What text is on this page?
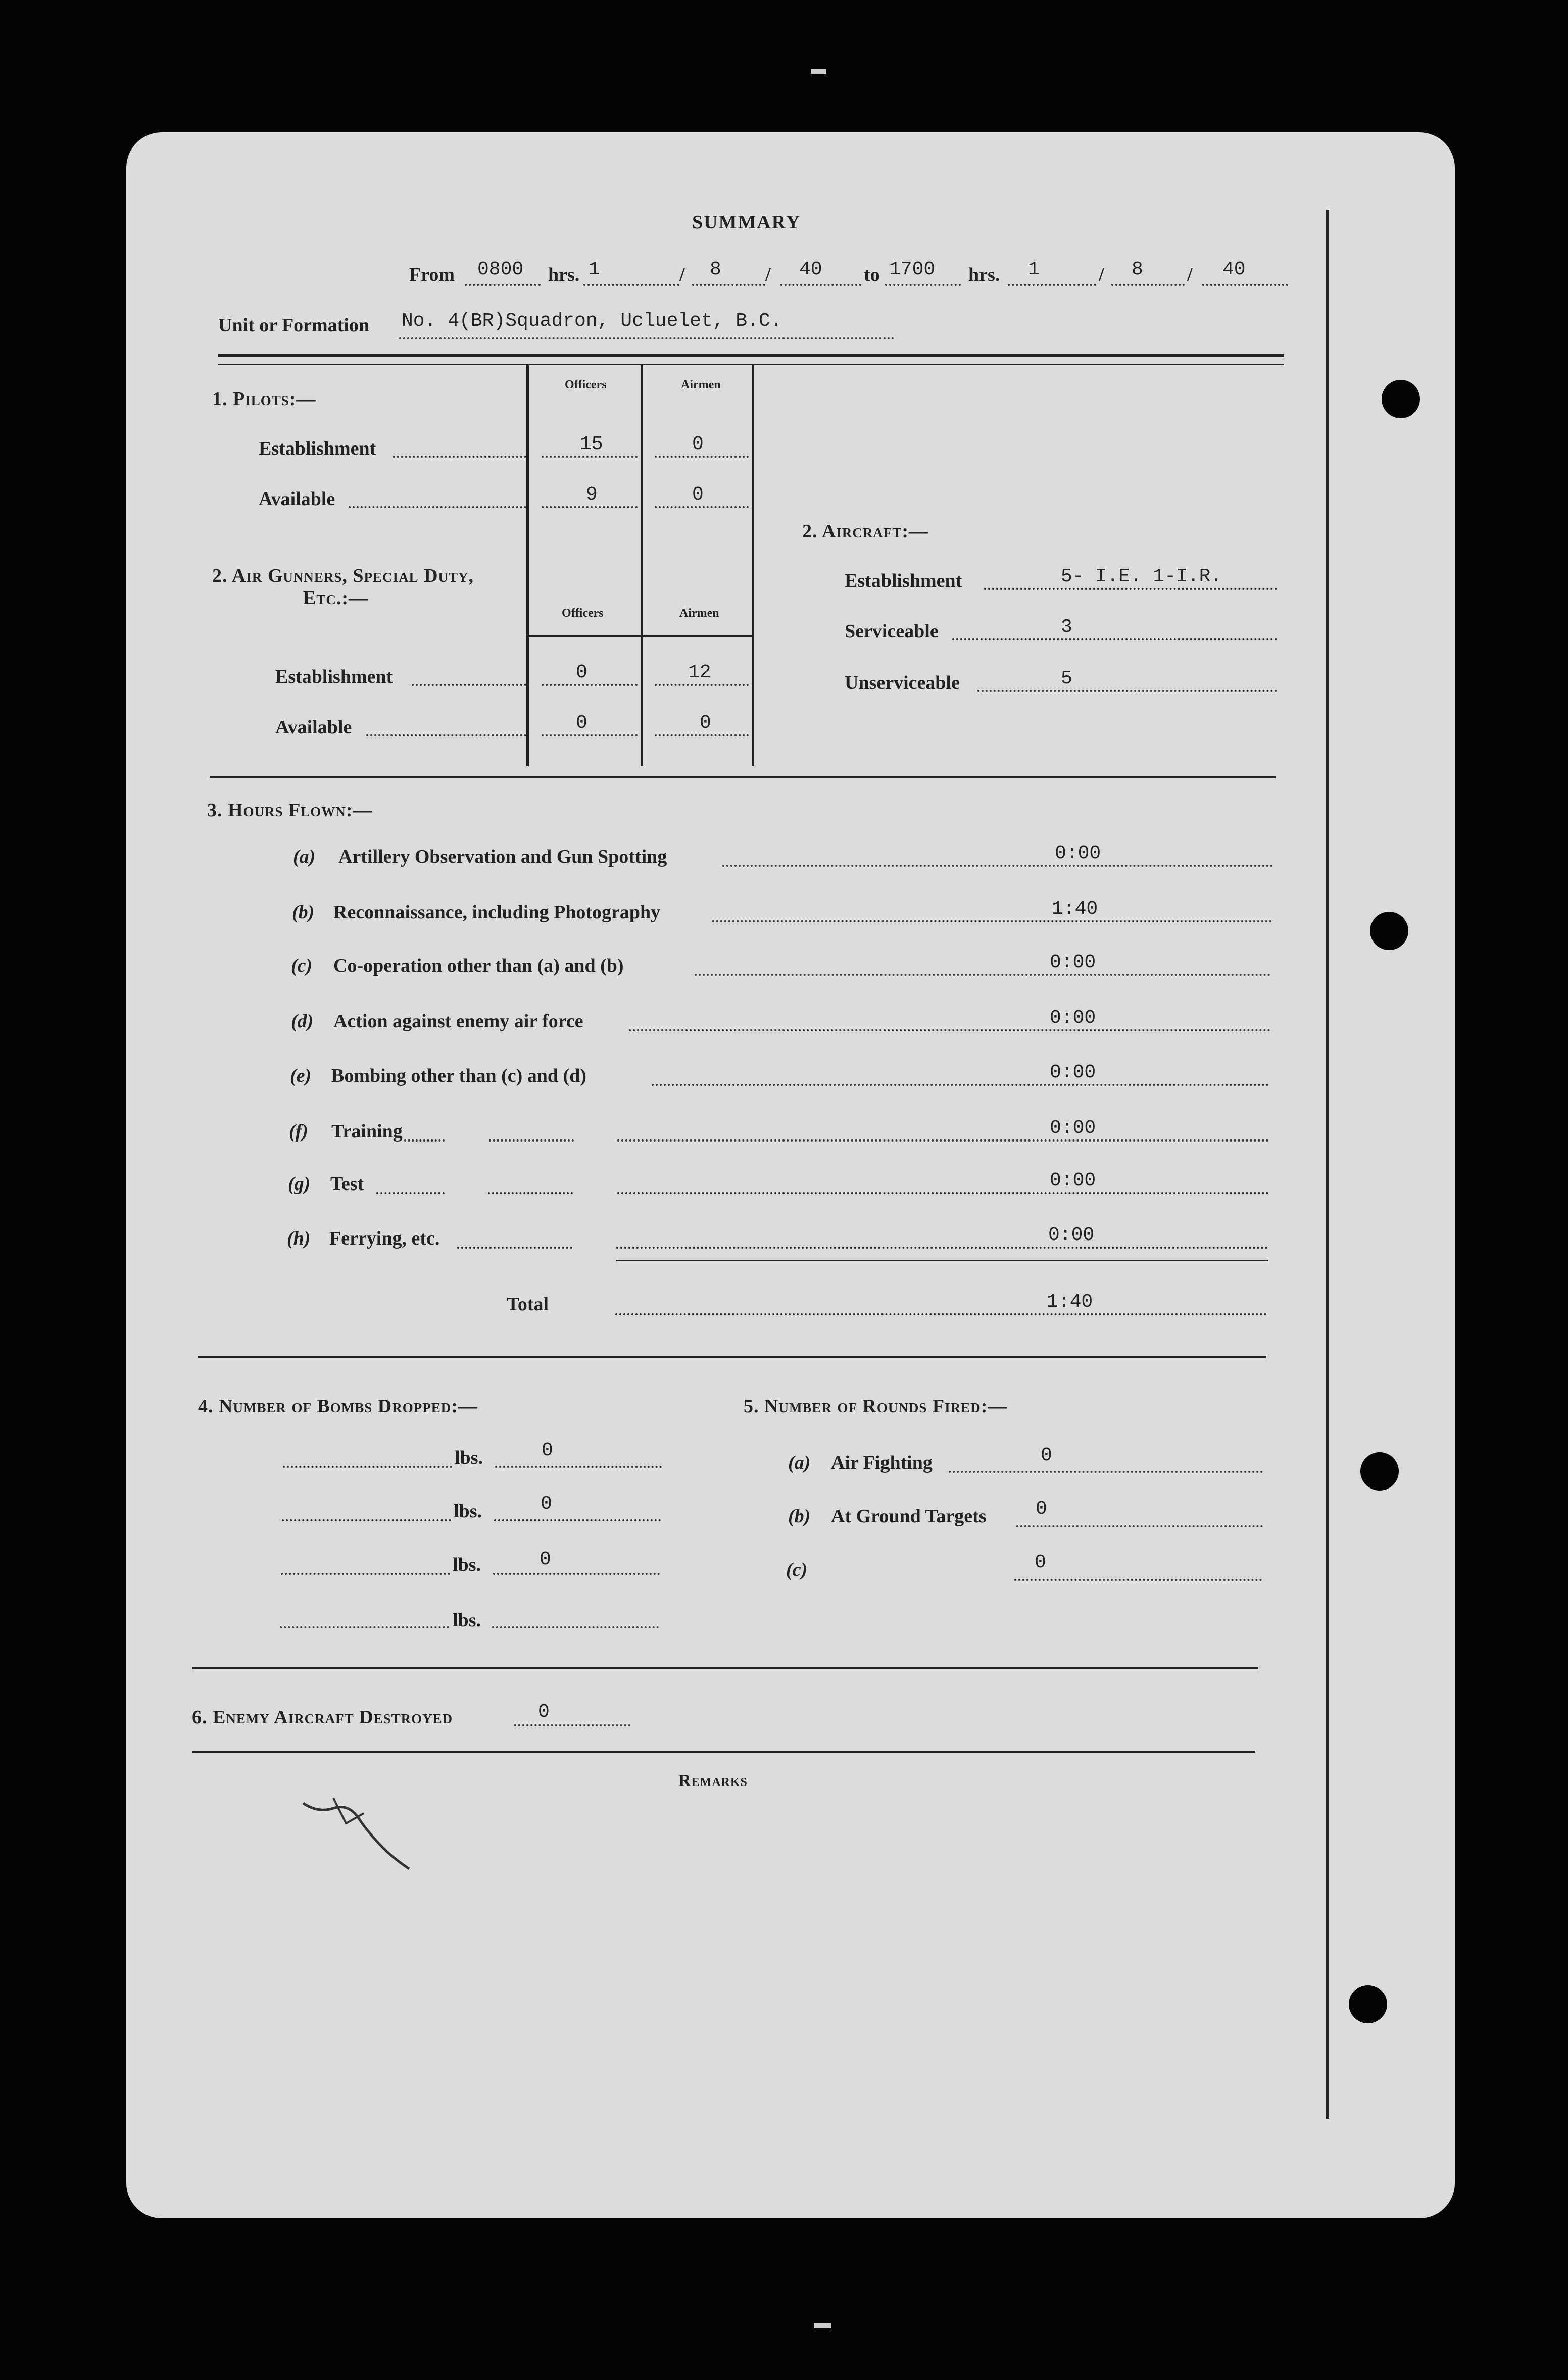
SUMMARY
From 0800 hrs. 1	/ 8 / 40 to 1700 hrs. 1	/ 8 / 40
Unit or Formation No. 4(BR)Squadron, Ucluelet, B.C.
Officers	Airmen
Officers	Airmen
1. Pilots:—
Establishment	15	0
Available	9	0
2. Air Gunners, Special Duty,
Etc.:—
Establishment	0	12
Available	0	0
2. Aircraft:—
Establishment	5- I.E. 1-I.R.
Serviceable	3
Unserviceable	5
3. Hours Flown:—
(a) Artillery Observation and Gun Spotting	0:00
(b) Reconnaissance, including Photography	1:40
(c) Co-operation other than (a) and (b)	0:00
(d) Action against enemy air force	0:00
(e) Bombing other than (c) and (d)	0:00
(f) Training	0:00
(g) Test	0:00
(h) Ferrying, etc.	0:00
Total	1:40
4. Number of Bombs Dropped:—
lbs.	0
lbs.	0
lbs.	0
lbs.
5. Number of Rounds Fired:—
(a) Air Fighting	0
(b) At Ground Targets	0
(c)	0
6. Enemy Aircraft Destroyed	0
Remarks
